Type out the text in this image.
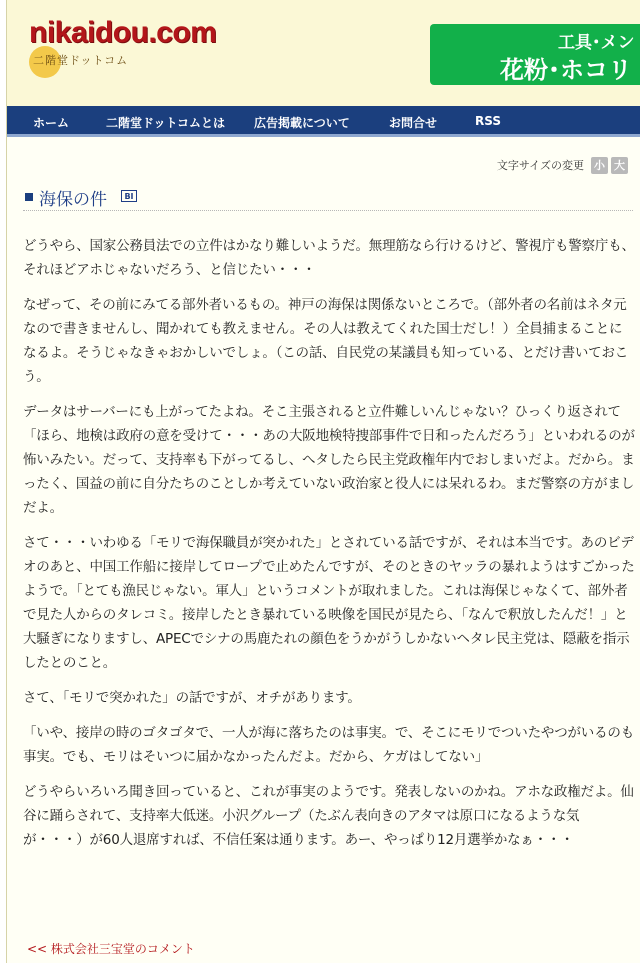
nikaidou.com
二階堂ドットコム
工具･メン
花粉･ホコリ
ホーム	二階堂ドットコムとは 広告掲載について	お問合せ	RSS
文字サイズの変更 小 大
海保の件	BI

どうやら、国家公務員法での立件はかなり難しいようだ。無理筋なら行けるけど、警視庁も警察庁も、それほどアホじゃないだろう、と信じたい・・・

なぜって、その前にみてる部外者いるもの。神戸の海保は関係ないところで。（部外者の名前はネタ元なので書きませんし、聞かれても教えません。その人は教えてくれた国士だし！）全員捕まることになるよ。そうじゃなきゃおかしいでしょ。（この話、自民党の某議員も知っている、とだけ書いておこう。

データはサーバーにも上がってたよね。そこ主張されると立件難しいんじゃない？ひっくり返されて「ほら、地検は政府の意を受けて・・・あの大阪地検特捜部事件で日和ったんだろう」といわれるのが怖いみたい。だって、支持率も下がってるし、へタしたら民主党政権年内でおしまいだよ。だから。まったく、国益の前に自分たちのことしか考えていない政治家と役人には呆れるわ。まだ警察の方がましだよ。

さて・・・いわゆる「モリで海保職員が突かれた」とされている話ですが、それは本当です。あのビデオのあと、中国工作船に接岸してロープで止めたんですが、そのときのヤッラの暴れようはすごかったようで。「とても漁民じゃない。軍人」というコメントが取れました。これは海保じゃなくて、部外者で見た人からのタレコミ。接岸したとき暴れている映像を国民が見たら、「なんで釈放したんだ！」と大騒ぎになりますし、APECでシナの馬鹿たれの顔色をうかがうしかないヘタレ民主党は、隠蔽を指示したとのこと。

さて、「モリで突かれた」の話ですが、オチがあります。

「いや、接岸の時のゴタゴタで、一人が海に落ちたのは事実。で、そこにモリでついたやつがいるのも事実。でも、モリはそいつに届かなかったんだよ。だから、ケガはしてない」

どうやらいろいろ聞き回っていると、これが事実のようです。発表しないのかね。アホな政権だよ。仙谷に踊らされて、支持率大低迷。小沢グループ（たぶん表向きのアタマは原口になるような気が・・・）が60人退席すれば、不信任案は通ります。あー、やっぱり12月選挙かなぁ・・・

<< 株式会社三宝堂のコメント
